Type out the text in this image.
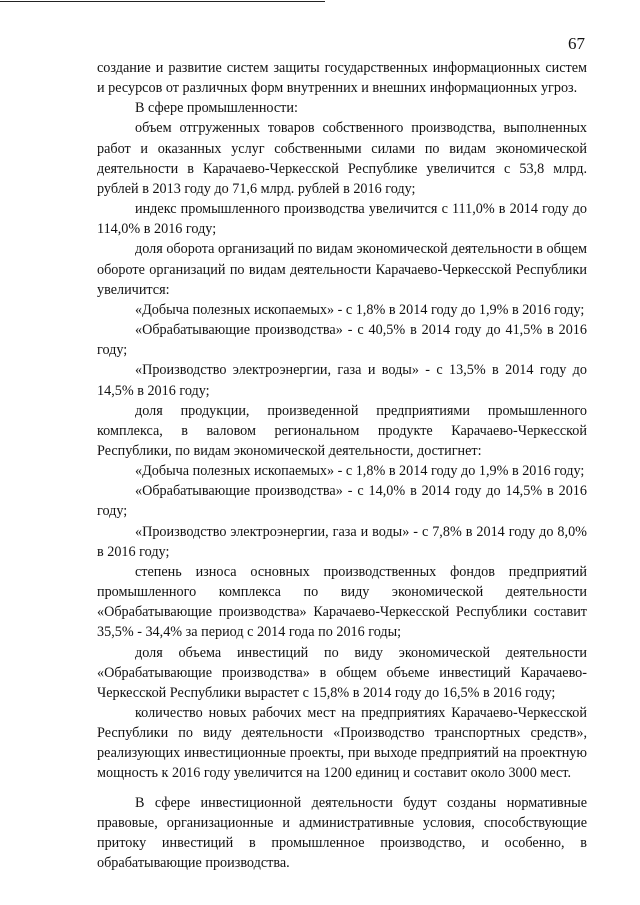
67

создание и развитие систем защиты государственных информационных систем и ресурсов от различных форм внутренних и внешних информационных угроз.

В сфере промышленности:

объем отгруженных товаров собственного производства, выполненных работ и оказанных услуг собственными силами по видам экономической деятельности в Карачаево-Черкесской Республике увеличится с 53,8 млрд. рублей в 2013 году до 71,6 млрд. рублей в 2016 году;

индекс промышленного производства увеличится с 111,0% в 2014 году до 114,0% в 2016 году;

доля оборота организаций по видам экономической деятельности в общем обороте организаций по видам деятельности Карачаево-Черкесской Республики увеличится:

«Добыча полезных ископаемых» - с 1,8% в 2014 году до 1,9% в 2016 году;

«Обрабатывающие производства» - с 40,5% в 2014 году до 41,5% в 2016 году;

«Производство электроэнергии, газа и воды» - с 13,5% в 2014 году до 14,5% в 2016 году;

доля продукции, произведенной предприятиями промышленного комплекса, в валовом региональном продукте Карачаево-Черкесской Республики, по видам экономической деятельности, достигнет:

«Добыча полезных ископаемых» - с 1,8% в 2014 году до 1,9% в 2016 году;

«Обрабатывающие производства» - с 14,0% в 2014 году до 14,5% в 2016 году;

«Производство электроэнергии, газа и воды» - с 7,8% в 2014 году до 8,0% в 2016 году;

степень износа основных производственных фондов предприятий промышленного комплекса по виду экономической деятельности «Обрабатывающие производства» Карачаево-Черкесской Республики составит 35,5% - 34,4% за период с 2014 года по 2016 годы;

доля объема инвестиций по виду экономической деятельности «Обрабатывающие производства» в общем объеме инвестиций Карачаево-Черкесской Республики вырастет с 15,8% в 2014 году до 16,5% в 2016 году;

количество новых рабочих мест на предприятиях Карачаево-Черкесской Республики по виду деятельности «Производство транспортных средств», реализующих инвестиционные проекты, при выходе предприятий на проектную мощность к 2016 году увеличится на 1200 единиц и составит около 3000 мест.

В сфере инвестиционной деятельности будут созданы нормативные правовые, организационные и административные условия, способствующие притоку инвестиций в промышленное производство, и особенно, в обрабатывающие производства.
